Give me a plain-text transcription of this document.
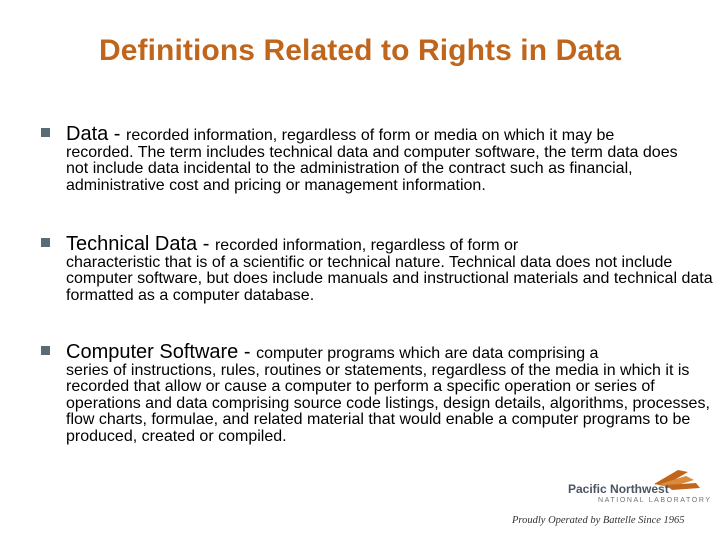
Definitions Related to Rights in Data

Data - recorded information, regardless of form or media on which it may be
recorded. The term includes technical data and computer software, the term data does not include data incidental to the administration of the contract such as financial, administrative cost and pricing or management information.

Technical Data - recorded information, regardless of form or
characteristic that is of a scientific or technical nature. Technical data does not include computer software, but does include manuals and instructional materials and technical data formatted as a computer database.

Computer Software - computer programs which are data comprising a
series of instructions, rules, routines or statements, regardless of the media in which it is recorded that allow or cause a computer to perform a specific operation or series of operations and data comprising source code listings, design details, algorithms, processes, flow charts, formulae, and related material that would enable a computer programs to be produced, created or compiled.

Pacific Northwest
NATIONAL LABORATORY
Proudly Operated by Battelle Since 1965
